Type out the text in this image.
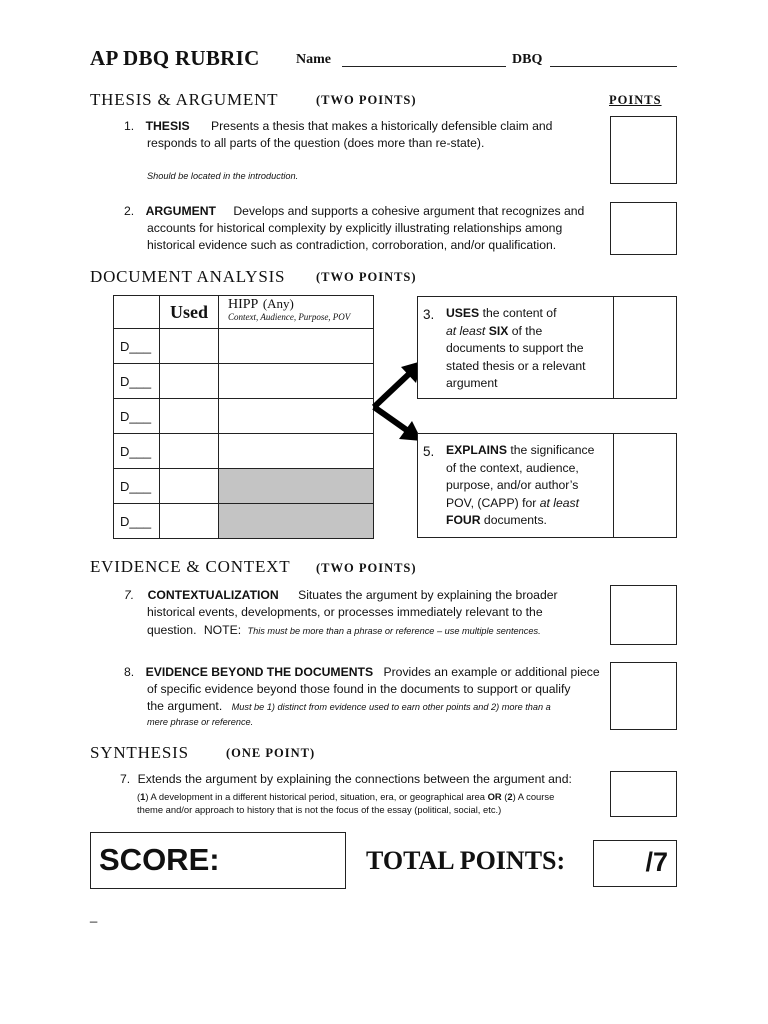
AP DBQ RUBRIC	Name	DBQ
THESIS & ARGUMENT	(TWO POINTS)	POINTS
1. THESIS Presents a thesis that makes a historically defensible claim and
responds to all parts of the question (does more than re-state).
Should be located in the introduction.
2. ARGUMENT Develops and supports a cohesive argument that recognizes and
accounts for historical complexity by explicitly illustrating relationships among
historical evidence such as contradiction, corroboration, and/or qualification.
DOCUMENT ANALYSIS (TWO POINTS)
	Used	HIPP (Any)
Context, Audience, Purpose, POV

D___		
D___		
D___		
D___		
D___		
D___		
3. USES the content of
at least SIX of the
documents to support the
stated thesis or a relevant
argument
5. EXPLAINS the significance
of the context, audience,
purpose, and/or author’s
POV, (CAPP) for at least
FOUR documents.
EVIDENCE & CONTEXT (TWO POINTS)
7. CONTEXTUALIZATION Situates the argument by explaining the broader
historical events, developments, or processes immediately relevant to the
question. NOTE: This must be more than a phrase or reference – use multiple sentences.
8. EVIDENCE BEYOND THE DOCUMENTS Provides an example or additional piece
of specific evidence beyond those found in the documents to support or qualify
the argument. Must be 1) distinct from evidence used to earn other points and 2) more than a
mere phrase or reference.
SYNTHESIS	(ONE POINT)
7. Extends the argument by explaining the connections between the argument and:
(1) A development in a different historical period, situation, era, or geographical area OR (2) A course
theme and/or approach to history that is not the focus of the essay (political, social, etc.)
SCORE:	TOTAL POINTS:	/7
_
